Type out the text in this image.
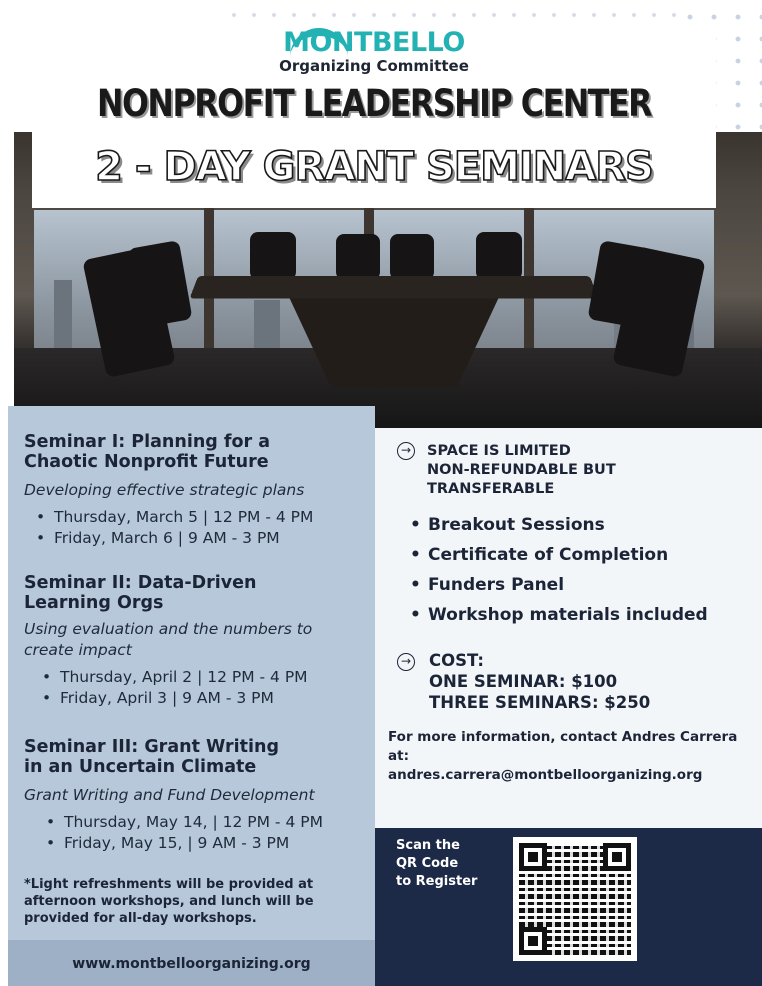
MONTBELLO
Organizing Committee
NONPROFIT LEADERSHIP CENTER
2 - DAY GRANT SEMINARS
Seminar I: Planning for a
Chaotic Nonprofit Future
Developing effective strategic plans
• Thursday, March 5 | 12 PM - 4 PM
• Friday, March 6 | 9 AM - 3 PM
Seminar II: Data-Driven
Learning Orgs
Using evaluation and the numbers to
create impact
• Thursday, April 2 | 12 PM - 4 PM
• Friday, April 3 | 9 AM - 3 PM
Seminar III: Grant Writing
in an Uncertain Climate
Grant Writing and Fund Development
• Thursday, May 14, | 12 PM - 4 PM
• Friday, May 15, | 9 AM - 3 PM
*Light refreshments will be provided at
afternoon workshops, and lunch will be
provided for all-day workshops.
www.montbelloorganizing.org
→ SPACE IS LIMITED
NON-REFUNDABLE BUT
TRANSFERABLE
• Breakout Sessions
• Certificate of Completion
• Funders Panel
• Workshop materials included
→ COST:
ONE SEMINAR: $100
THREE SEMINARS: $250
For more information, contact Andres Carrera at:
andres.carrera@montbelloorganizing.org
Scan the
QR Code
to Register
